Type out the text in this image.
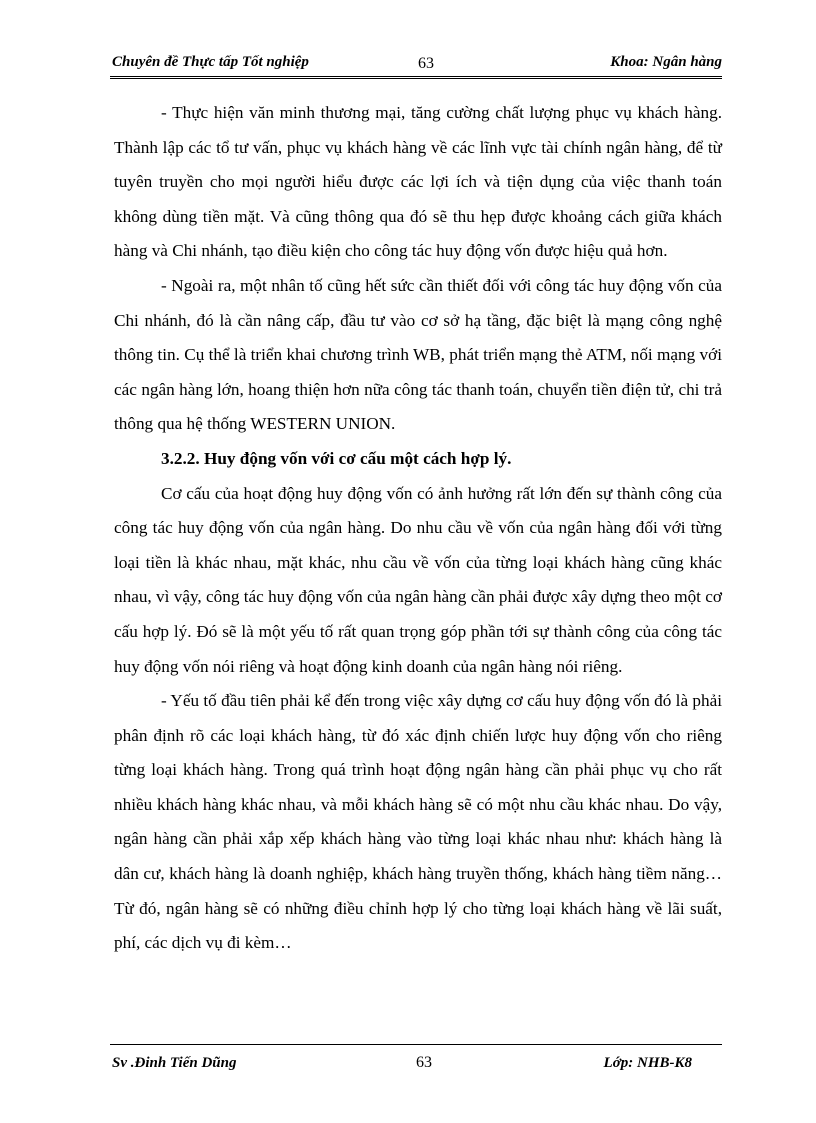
Chuyên đề Thực tấp Tốt nghiệp	63	Khoa: Ngân hàng

- Thực hiện văn minh thương mại, tăng cường chất lượng phục vụ khách hàng. Thành lập các tổ tư vấn, phục vụ khách hàng về các lĩnh vực tài chính ngân hàng, để từ tuyên truyền cho mọi người hiểu được các lợi ích và tiện dụng của việc thanh toán không dùng tiền mặt. Và cũng thông qua đó sẽ thu hẹp được khoảng cách giữa khách hàng và Chi nhánh, tạo điều kiện cho công tác huy động vốn được hiệu quả hơn.

- Ngoài ra, một nhân tố cũng hết sức cần thiết đối với công tác huy động vốn của Chi nhánh, đó là cần nâng cấp, đầu tư vào cơ sở hạ tầng, đặc biệt là mạng công nghệ thông tin. Cụ thể là triển khai chương trình WB, phát triển mạng thẻ ATM, nối mạng với các ngân hàng lớn, hoang thiện hơn nữa công tác thanh toán, chuyển tiền điện tử, chi trả thông qua hệ thống WESTERN UNION.

3.2.2. Huy động vốn với cơ cấu một cách hợp lý.

Cơ cấu của hoạt động huy động vốn có ảnh hưởng rất lớn đến sự thành công của công tác huy động vốn của ngân hàng. Do nhu cầu về vốn của ngân hàng đối với từng loại tiền là khác nhau, mặt khác, nhu cầu về vốn của từng loại khách hàng cũng khác nhau, vì vậy, công tác huy động vốn của ngân hàng cần phải được xây dựng theo một cơ cấu hợp lý. Đó sẽ là một yếu tố rất quan trọng góp phần tới sự thành công của công tác huy động vốn nói riêng và hoạt động kinh doanh của ngân hàng nói riêng.

- Yếu tố đầu tiên phải kể đến trong việc xây dựng cơ cấu huy động vốn đó là phải phân định rõ các loại khách hàng, từ đó xác định chiến lược huy động vốn cho riêng từng loại khách hàng. Trong quá trình hoạt động ngân hàng cần phải phục vụ cho rất nhiều khách hàng khác nhau, và mỗi khách hàng sẽ có một nhu cầu khác nhau. Do vậy, ngân hàng cần phải xắp xếp khách hàng vào từng loại khác nhau như: khách hàng là dân cư, khách hàng là doanh nghiệp, khách hàng truyền thống, khách hàng tiềm năng… Từ đó, ngân hàng sẽ có những điều chỉnh hợp lý cho từng loại khách hàng về lãi suất, phí, các dịch vụ đi kèm…

Sv .Đinh Tiến Dũng	63	Lớp: NHB-K8
